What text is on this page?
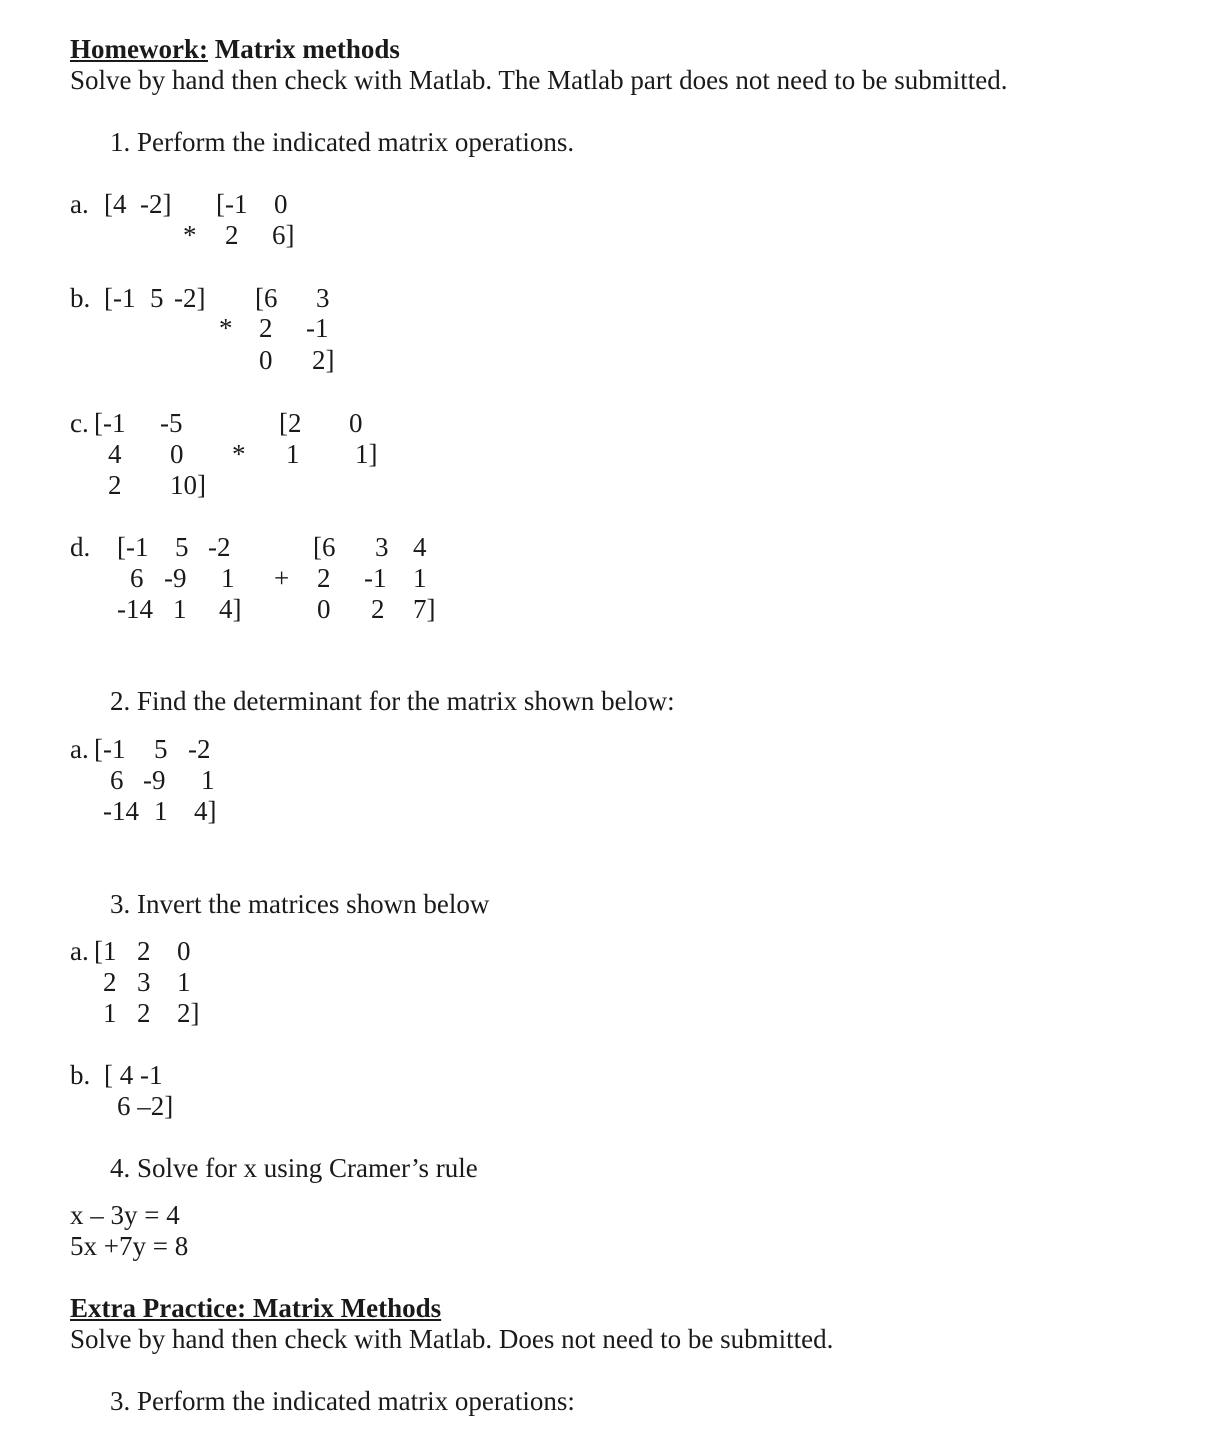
Homework: Matrix methods
Solve by hand then check with Matlab. The Matlab part does not need to be submitted.
1. Perform the indicated matrix operations.
a. [4 -2]
*
[-1 0
2 6]
b. [-1 5 -2]
*
[6 3
2 -1
0 2]
c. [-1 -5
4 0
2 10]
*
[2 0
1 1]
d. [-1 5 -2
6 -9 1
-14 1 4]
+
[6 3 4
2 -1 1
0 2 7]
2. Find the determinant for the matrix shown below:
a. [-1 5 -2
6 -9 1
-14 1 4]
3. Invert the matrices shown below
a. [1 2 0
2 3 1
1 2 2]
b. [ 4 -1
6 –2]
4. Solve for x using Cramer’s rule
x – 3y = 4
5x +7y = 8
Extra Practice: Matrix Methods
Solve by hand then check with Matlab. Does not need to be submitted.
3. Perform the indicated matrix operations:
